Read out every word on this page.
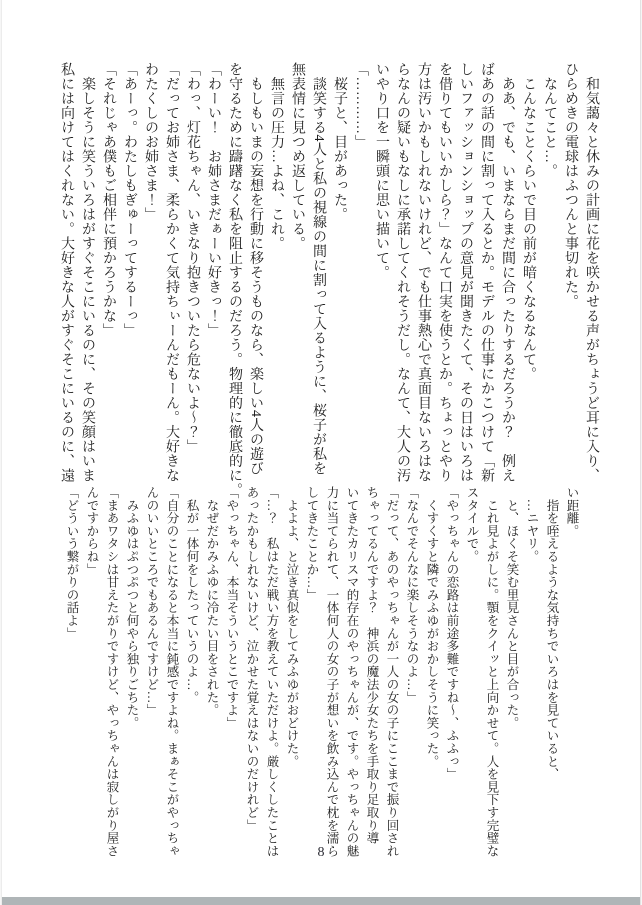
　和気藹々と休みの計画に花を咲かせる声がちょうど耳に入り、
ひらめきの電球はふつんと事切れた。
　なんてこと…。
　こんなことくらいで目の前が暗くなるなんて。
　ああ、でも、いまならまだ間に合ったりするだろうか？　例え
ばあの話の間に割って入るとか。モデルの仕事にかこつけて「新
しいファッションショップの意見が聞きたくて、その日はいろは
を借りてもいいかしら？」なんて口実を使うとか。ちょっとやり
方は汚いかもしれないけれど、でも仕事熱心で真面目ないろはな
らなんの疑いもなしに承諾してくれそうだし。なんて、大人の汚
いやり口を一瞬頭に思い描いて。
「…………」
　桜子と、目があった。
　談笑する4人と私の視線の間に割って入るように、桜子が私を
無表情に見つめ返している。
　無言の圧力…よね、これ。
　もしもいまの妄想を行動に移そうものなら、楽しい4人の遊び
を守るために躊躇なく私を阻止するのだろう。物理的に徹底的に。
「わーい！　お姉さまだぁーい好きっ！」
「わっ、灯花ちゃん、いきなり抱きついたら危ないよ～？」
「だってお姉さま、柔らかくて気持ちぃーんだもーん。大好きな
わたくしのお姉さま！」
「あーっ。わたしもぎゅーってするーっ」
「それじゃあ僕もご相伴に預かろうかな」
　楽しそうに笑ういろはがすぐそこにいるのに、その笑顔はいま
私には向けてはくれない。大好きな人がすぐそこにいるのに、遠
い距離。
　指を咥えるような気持ちでいろはを見ていると、
　…ニヤリ。
　と、ほくそ笑む里見さんと目が合った。
　これ見よがしに。顎をクイッと上向かせて。人を見下す完璧な
スタイルで。
「やっちゃんの恋路は前途多難ですね～、ふふっ」
　くすくすと隣でみふゆがおかしそうに笑った。
「なんでそんなに楽しそうなのよ…」
「だって、あのやっちゃんが一人の女の子にここまで振り回され
ちゃってるんですよ？　神浜の魔法少女たちを手取り足取り導
いてきたカリスマ的存在のやっちゃんが、です。やっちゃんの魅
力に当てられて、一体何人の女の子が想いを飲み込んで枕を濡ら
してきたことか…」
　よよよ、と泣き真似をしてみふゆがおどけた。
「…？　私はただ戦い方を教えていただけよ。厳しくしたことは
あったかもしれないけど、泣かせた覚えはないのだけれど」
「やっちゃん、本当そういうとこですよ」
　なぜだかみふゆに冷たい目をされた。
　私が一体何をしたっていうのよ…。
「自分のことになると本当に鈍感ですよね。まぁそこがやっちゃ
んのいいところでもあるんですけど…」
　みふゆはぷつぷつと何やら独りごちた。
「まあワタシは甘えたがりですけど、やっちゃんは寂しがり屋さ
んですからね」
「どういう繋がりの話よ」
8
